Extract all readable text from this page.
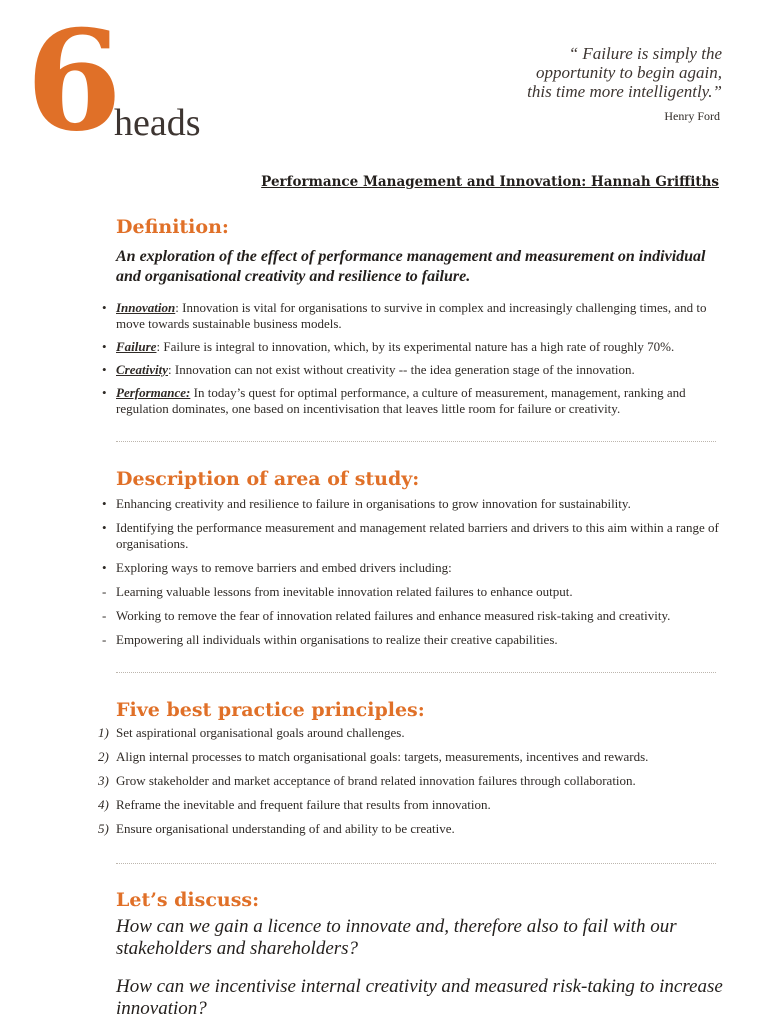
6
heads
“ Failure is simply the
opportunity to begin again,
this time more intelligently.”
Henry Ford
Performance Management and Innovation: Hannah Griffiths
Definition:

An exploration of the effect of performance management and measurement on individual and organisational creativity and resilience to failure.

• Innovation: Innovation is vital for organisations to survive in complex and increasingly challenging times, and to move towards sustainable business models.
• Failure: Failure is integral to innovation, which, by its experimental nature has a high rate of roughly 70%.
• Creativity: Innovation can not exist without creativity -- the idea generation stage of the innovation.
• Performance: In today’s quest for optimal performance, a culture of measurement, management, ranking and regulation dominates, one based on incentivisation that leaves little room for failure or creativity.
Description of area of study:
• Enhancing creativity and resilience to failure in organisations to grow innovation for sustainability.
• Identifying the performance measurement and management related barriers and drivers to this aim within a range of organisations.
• Exploring ways to remove barriers and embed drivers including:
- Learning valuable lessons from inevitable innovation related failures to enhance output.
- Working to remove the fear of innovation related failures and enhance measured risk-taking and creativity.
- Empowering all individuals within organisations to realize their creative capabilities.
Five best practice principles:
1) Set aspirational organisational goals around challenges.
2) Align internal processes to match organisational goals: targets, measurements, incentives and rewards.
3) Grow stakeholder and market acceptance of brand related innovation failures through collaboration.
4) Reframe the inevitable and frequent failure that results from innovation.
5) Ensure organisational understanding of and ability to be creative.
Let’s discuss:

How can we gain a licence to innovate and, therefore also to fail with our stakeholders and shareholders?

How can we incentivise internal creativity and measured risk-taking to increase innovation?
